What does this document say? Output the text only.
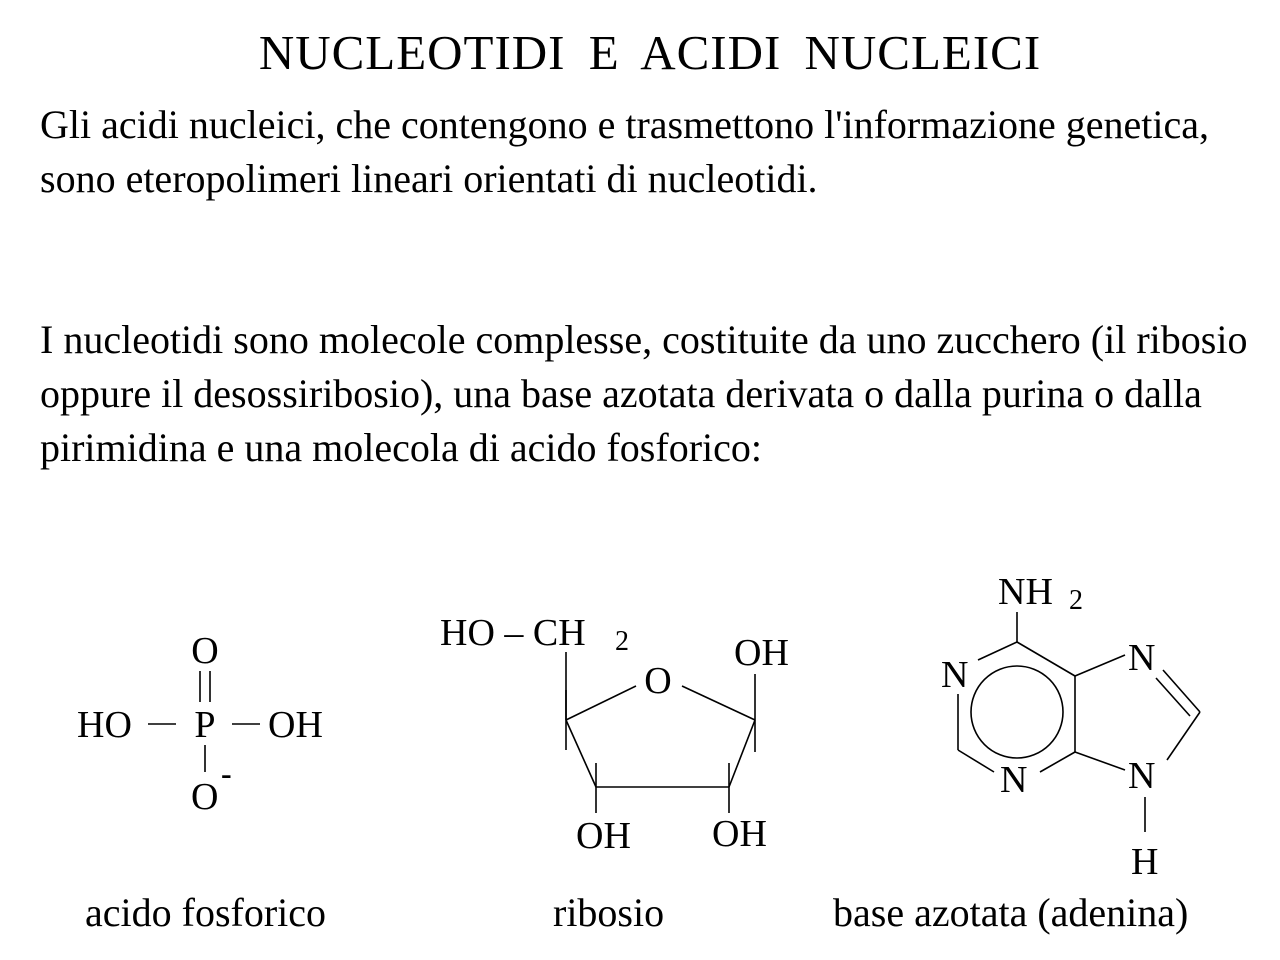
NUCLEOTIDI E ACIDI NUCLEICI

Gli acidi nucleici, che contengono e trasmettono l'informazione genetica, sono eteropolimeri lineari orientati di nucleotidi.

I nucleotidi sono molecole complesse, costituite da uno zucchero (il ribosio oppure il desossiribosio), una base azotata derivata o dalla purina o dalla pirimidina e una molecola di acido fosforico:

O
HO P OH
O
-
HO – CH 2
O
OH
OH OH
NH 2
N
N
N
N
H
acido fosforico	ribosio	base azotata (adenina)
